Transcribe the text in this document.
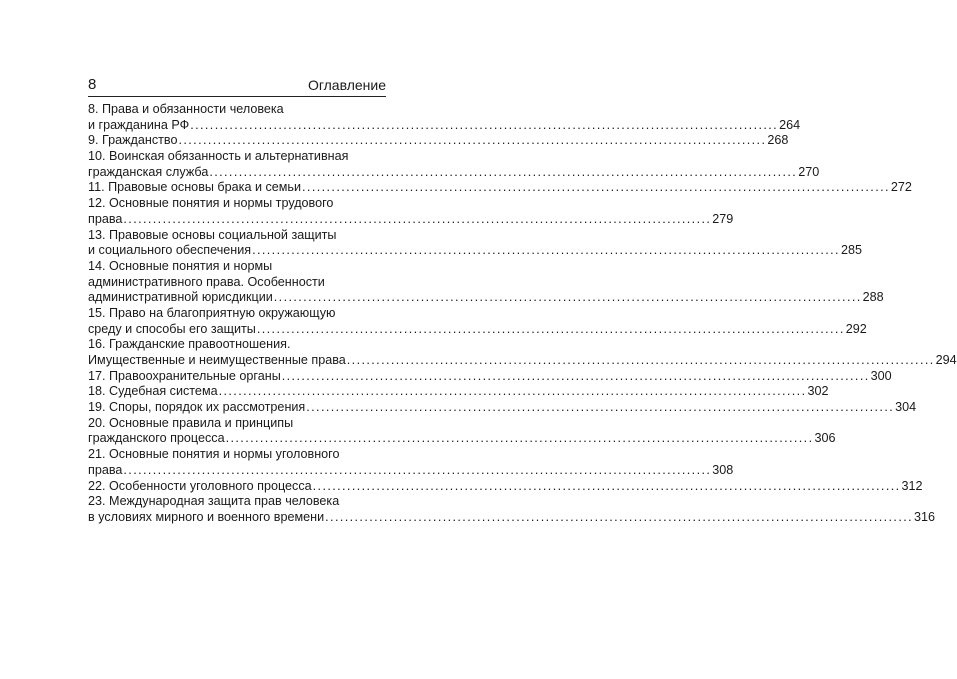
8	Оглавление
8. Права и обязанности человека
и гражданина РФ ........................................................................................................................ 264
9. Гражданство ........................................................................................................................ 268
10. Воинская обязанность и альтернативная
гражданская служба ........................................................................................................................ 270
11. Правовые основы брака и семьи ........................................................................................................................ 272
12. Основные понятия и нормы трудового
права ........................................................................................................................ 279
13. Правовые основы социальной защиты
и социального обеспечения ........................................................................................................................ 285
14. Основные понятия и нормы
административного права. Особенности
административной юрисдикции ........................................................................................................................ 288
15. Право на благоприятную окружающую
среду и способы его защиты ........................................................................................................................ 292
16. Гражданские правоотношения.
Имущественные и неимущественные права ........................................................................................................................ 294
17. Правоохранительные органы ........................................................................................................................ 300
18. Судебная система ........................................................................................................................ 302
19. Споры, порядок их рассмотрения ........................................................................................................................ 304
20. Основные правила и принципы
гражданского процесса ........................................................................................................................ 306
21. Основные понятия и нормы уголовного
права ........................................................................................................................ 308
22. Особенности уголовного процесса ........................................................................................................................ 312
23. Международная защита прав человека
в условиях мирного и военного времени ........................................................................................................................ 316
